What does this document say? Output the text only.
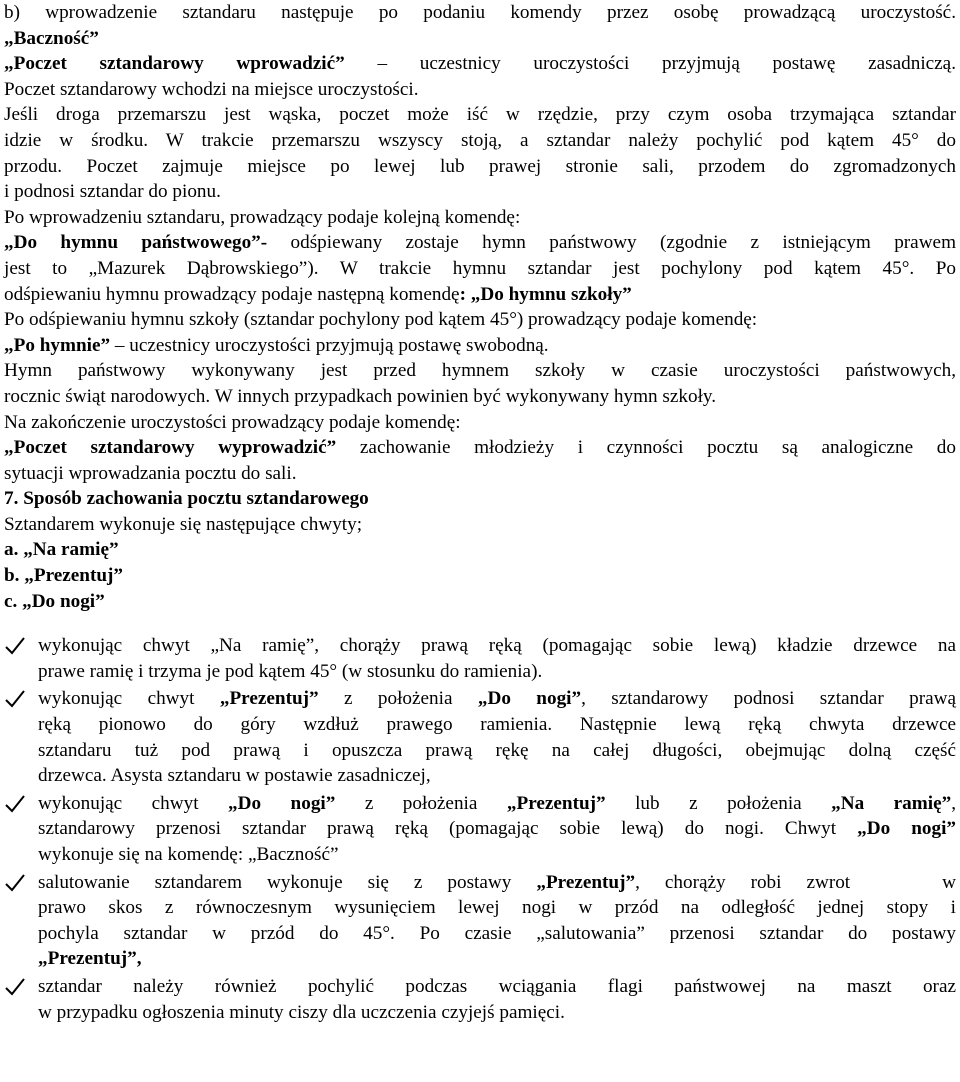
b) wprowadzenie sztandaru następuje po podaniu komendy przez osobę prowadzącą uroczystość.
„Baczność”
„Poczet sztandarowy wprowadzić” – uczestnicy uroczystości przyjmują postawę zasadniczą.
Poczet sztandarowy wchodzi na miejsce uroczystości.
Jeśli droga przemarszu jest wąska, poczet może iść w rzędzie, przy czym osoba trzymająca sztandar
idzie w środku. W trakcie przemarszu wszyscy stoją, a sztandar należy pochylić pod kątem 45° do
przodu. Poczet zajmuje miejsce po lewej lub prawej stronie sali, przodem do zgromadzonych
i podnosi sztandar do pionu.
Po wprowadzeniu sztandaru, prowadzący podaje kolejną komendę:
„Do hymnu państwowego”- odśpiewany zostaje hymn państwowy (zgodnie z istniejącym prawem
jest to „Mazurek Dąbrowskiego”). W trakcie hymnu sztandar jest pochylony pod kątem 45°. Po
odśpiewaniu hymnu prowadzący podaje następną komendę: „Do hymnu szkoły”
Po odśpiewaniu hymnu szkoły (sztandar pochylony pod kątem 45°) prowadzący podaje komendę:
„Po hymnie” – uczestnicy uroczystości przyjmują postawę swobodną.
Hymn państwowy wykonywany jest przed hymnem szkoły w czasie uroczystości państwowych,
rocznic świąt narodowych. W innych przypadkach powinien być wykonywany hymn szkoły.
Na zakończenie uroczystości prowadzący podaje komendę:
„Poczet sztandarowy wyprowadzić” zachowanie młodzieży i czynności pocztu są analogiczne do
sytuacji wprowadzania pocztu do sali.
7. Sposób zachowania pocztu sztandarowego
Sztandarem wykonuje się następujące chwyty;
a. „Na ramię”
b. „Prezentuj”
c. „Do nogi”
wykonując chwyt „Na ramię”, chorąży prawą ręką (pomagając sobie lewą) kładzie drzewce na
prawe ramię i trzyma je pod kątem 45° (w stosunku do ramienia).
wykonując chwyt „Prezentuj” z położenia „Do nogi”, sztandarowy podnosi sztandar prawą
ręką pionowo do góry wzdłuż prawego ramienia. Następnie lewą ręką chwyta drzewce
sztandaru tuż pod prawą i opuszcza prawą rękę na całej długości, obejmując dolną część
drzewca. Asysta sztandaru w postawie zasadniczej,
wykonując chwyt „Do nogi” z położenia „Prezentuj” lub z położenia „Na ramię”,
sztandarowy przenosi sztandar prawą ręką (pomagając sobie lewą) do nogi. Chwyt „Do nogi”
wykonuje się na komendę: „Baczność”
salutowanie sztandarem wykonuje się z postawy „Prezentuj”, chorąży robi zwrot	w
prawo skos z równoczesnym wysunięciem lewej nogi w przód na odległość jednej stopy i
pochyla sztandar w przód do 45°. Po czasie „salutowania” przenosi sztandar do postawy
„Prezentuj”,
sztandar należy również pochylić podczas wciągania flagi państwowej na maszt oraz
w przypadku ogłoszenia minuty ciszy dla uczczenia czyjejś pamięci.
